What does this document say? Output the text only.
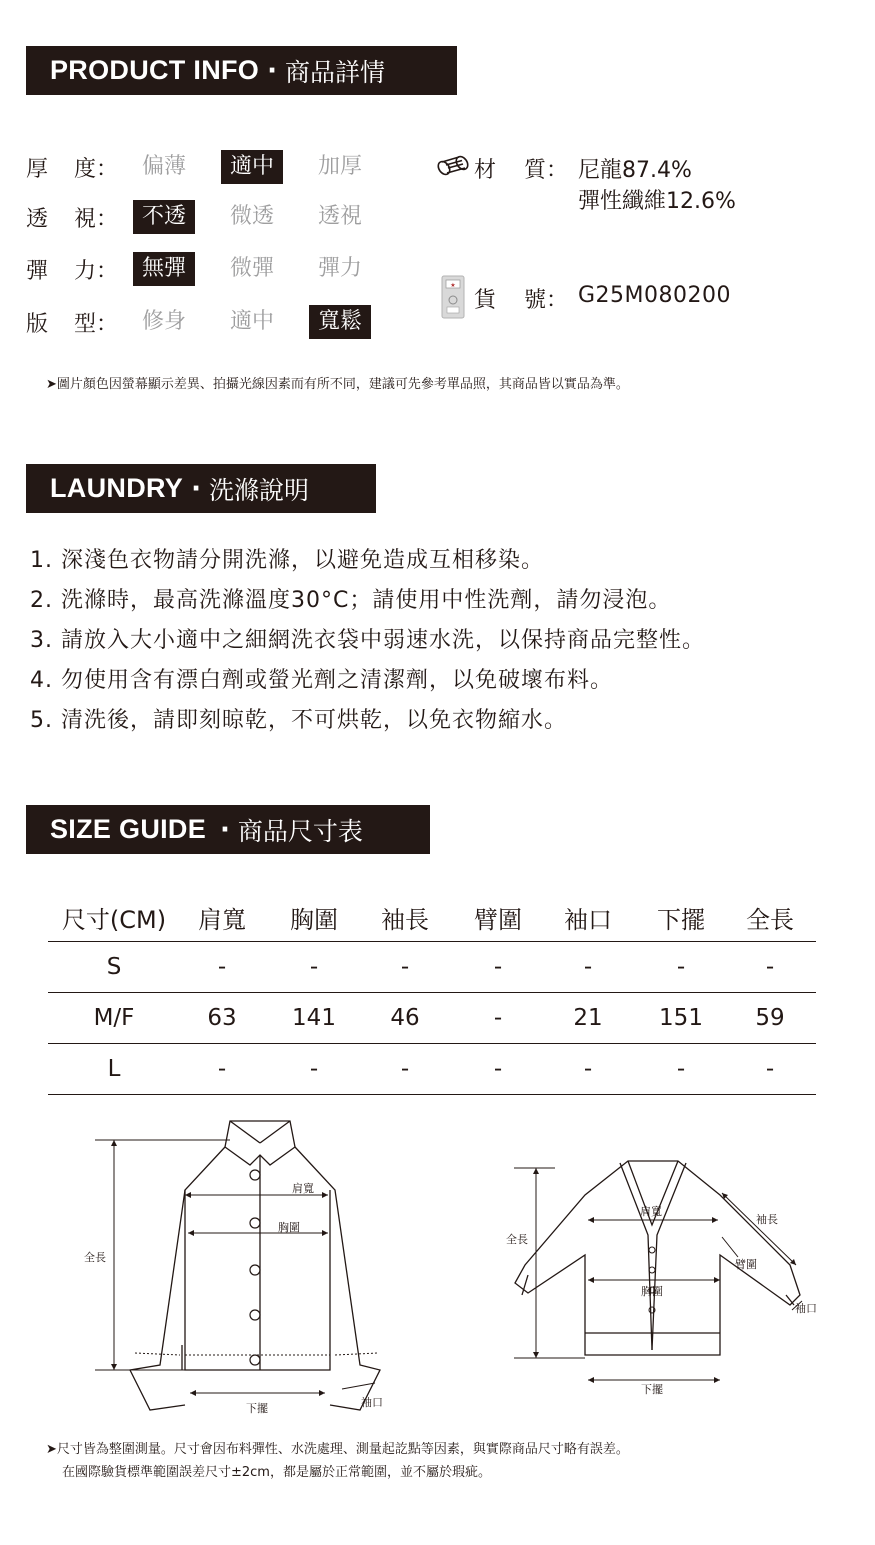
PRODUCT INFO · 商品詳情
厚	度：	偏薄	適中	加厚
透	視：	不透	微透	透視
彈	力：	無彈	微彈	彈力
版	型：	修身	適中	寬鬆
材 質： 尼龍87.4%
彈性纖維12.6%
★
貨 號： G25M080200
➤圖片顏色因螢幕顯示差異、拍攝光線因素而有所不同，建議可先參考單品照，其商品皆以實品為準。
LAUNDRY · 洗滌說明
1. 深淺色衣物請分開洗滌，以避免造成互相移染。
2. 洗滌時，最高洗滌溫度30°C；請使用中性洗劑，請勿浸泡。
3. 請放入大小適中之細網洗衣袋中弱速水洗，以保持商品完整性。
4. 勿使用含有漂白劑或螢光劑之清潔劑，以免破壞布料。
5. 清洗後，請即刻晾乾，不可烘乾，以免衣物縮水。
SIZE GUIDE · 商品尺寸表
尺寸(CM)	肩寬	胸圍	袖長	臂圍	袖口	下擺	全長
S	-	-	-	-	-	-	-
M/F	63	141	46	-	21	151	59
L	-	-	-	-	-	-	-
肩寬
胸圍
全長
下擺	袖口
肩寬
袖長
臂圍
胸圍
全長
袖口
下擺
➤尺寸皆為整圍測量。尺寸會因布料彈性、水洗處理、測量起訖點等因素，與實際商品尺寸略有誤差。
在國際驗貨標準範圍誤差尺寸±2cm，都是屬於正常範圍，並不屬於瑕疵。
